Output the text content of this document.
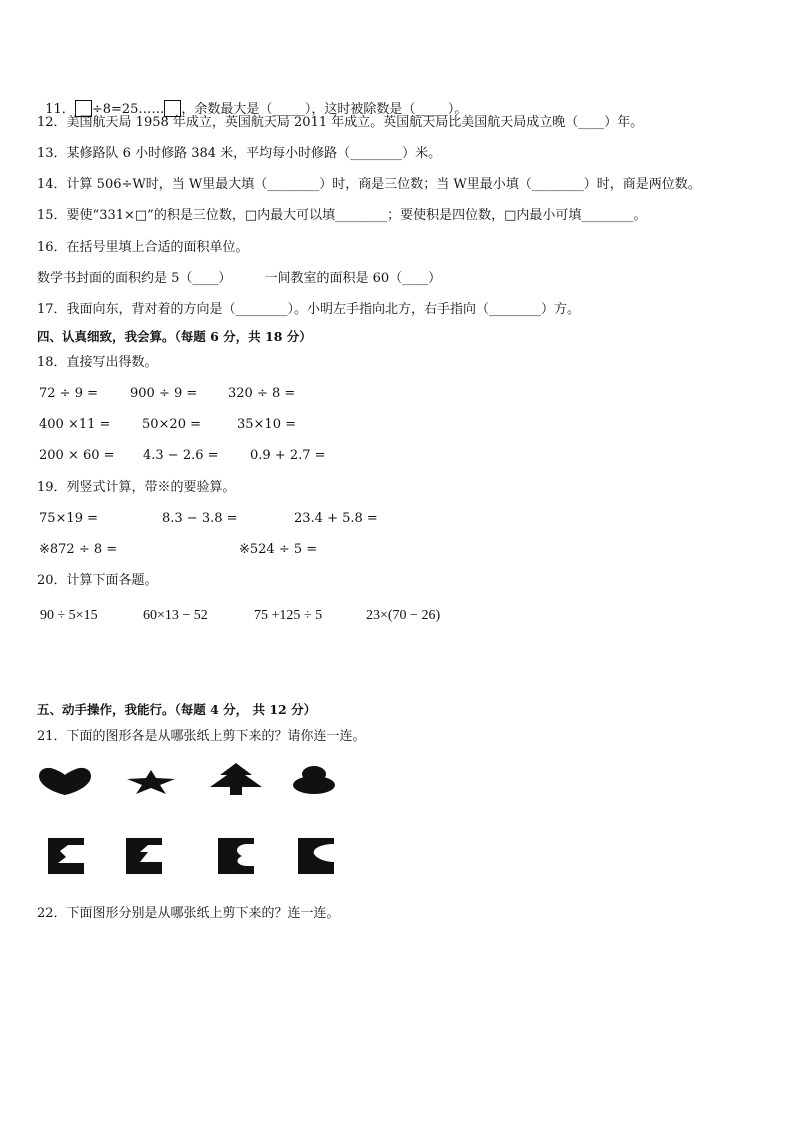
11． ÷8=25…… ，余数最大是（_____），这时被除数是（_____）。

12．美国航天局 1958 年成立，英国航天局 2011 年成立。英国航天局比美国航天局成立晚（____）年。
13．某修路队 6 小时修路 384 米，平均每小时修路（________）米。
14．计算 506÷W时，当 W里最大填（________）时，商是三位数；当 W里最小填（________）时，商是两位数。
15．要使“331×□”的积是三位数，□内最大可以填________；要使积是四位数，□内最小可填________。
16．在括号里填上合适的面积单位。
数学书封面的面积约是 5（____）        一间教室的面积是 60（____）
17．我面向东，背对着的方向是（________）。小明左手指向北方，右手指向（________）方。
四、认真细致，我会算。（每题 6 分，共 18 分）
18．直接写出得数。
72 ÷ 9 = 900 ÷ 9 = 320 ÷ 8 =
400 ×11 = 50×20 =	35×10 =
200 × 60 = 4.3 − 2.6 = 0.9 + 2.7 =
19．列竖式计算，带※的要验算。
75×19 =	8.3 − 3.8 =	23.4 + 5.8 =
※872 ÷ 8 =	※524 ÷ 5 =
20．计算下面各题。
90 ÷ 5×15	60×13 − 52	75 +125 ÷ 5	23×(70 − 26)
五、动手操作，我能行。（每题 4 分， 共 12 分）
21．下面的图形各是从哪张纸上剪下来的？请你连一连。
22．下面图形分别是从哪张纸上剪下来的？连一连。
